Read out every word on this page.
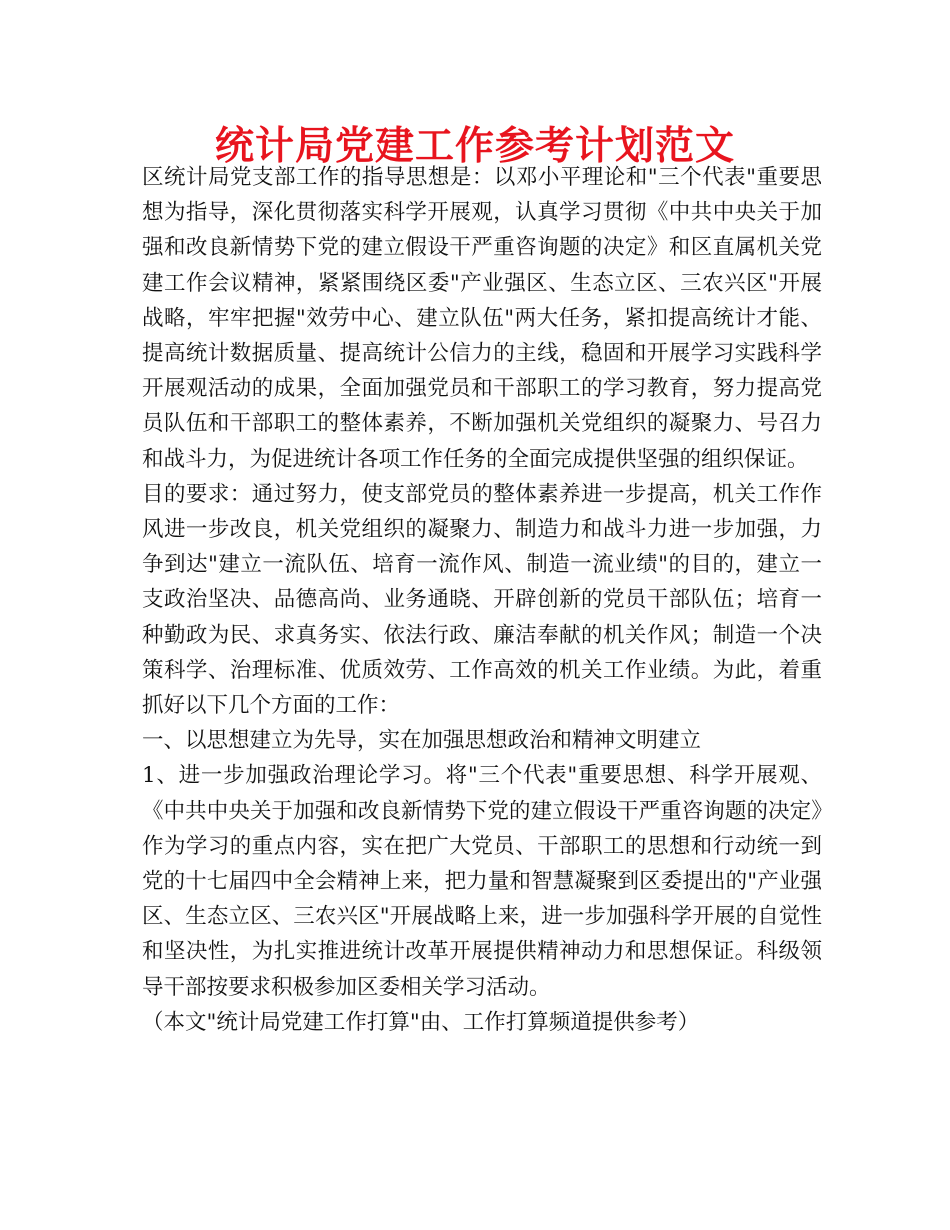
统计局党建工作参考计划范文

区统计局党支部工作的指导思想是：以邓小平理论和"三个代表"重要思想为指导，深化贯彻落实科学开展观，认真学习贯彻《中共中央关于加强和改良新情势下党的建立假设干严重咨询题的决定》和区直属机关党建工作会议精神，紧紧围绕区委"产业强区、生态立区、三农兴区"开展战略，牢牢把握"效劳中心、建立队伍"两大任务，紧扣提高统计才能、提高统计数据质量、提高统计公信力的主线，稳固和开展学习实践科学开展观活动的成果，全面加强党员和干部职工的学习教育，努力提高党员队伍和干部职工的整体素养，不断加强机关党组织的凝聚力、号召力和战斗力，为促进统计各项工作任务的全面完成提供坚强的组织保证。

目的要求：通过努力，使支部党员的整体素养进一步提高，机关工作作风进一步改良，机关党组织的凝聚力、制造力和战斗力进一步加强，力争到达"建立一流队伍、培育一流作风、制造一流业绩"的目的，建立一支政治坚决、品德高尚、业务通晓、开辟创新的党员干部队伍；培育一种勤政为民、求真务实、依法行政、廉洁奉献的机关作风；制造一个决策科学、治理标准、优质效劳、工作高效的机关工作业绩。为此，着重抓好以下几个方面的工作：

一、以思想建立为先导，实在加强思想政治和精神文明建立

1、进一步加强政治理论学习。将"三个代表"重要思想、科学开展观、《中共中央关于加强和改良新情势下党的建立假设干严重咨询题的决定》作为学习的重点内容，实在把广大党员、干部职工的思想和行动统一到党的十七届四中全会精神上来，把力量和智慧凝聚到区委提出的"产业强区、生态立区、三农兴区"开展战略上来，进一步加强科学开展的自觉性和坚决性，为扎实推进统计改革开展提供精神动力和思想保证。科级领导干部按要求积极参加区委相关学习活动。

（本文"统计局党建工作打算"由、工作打算频道提供参考）
